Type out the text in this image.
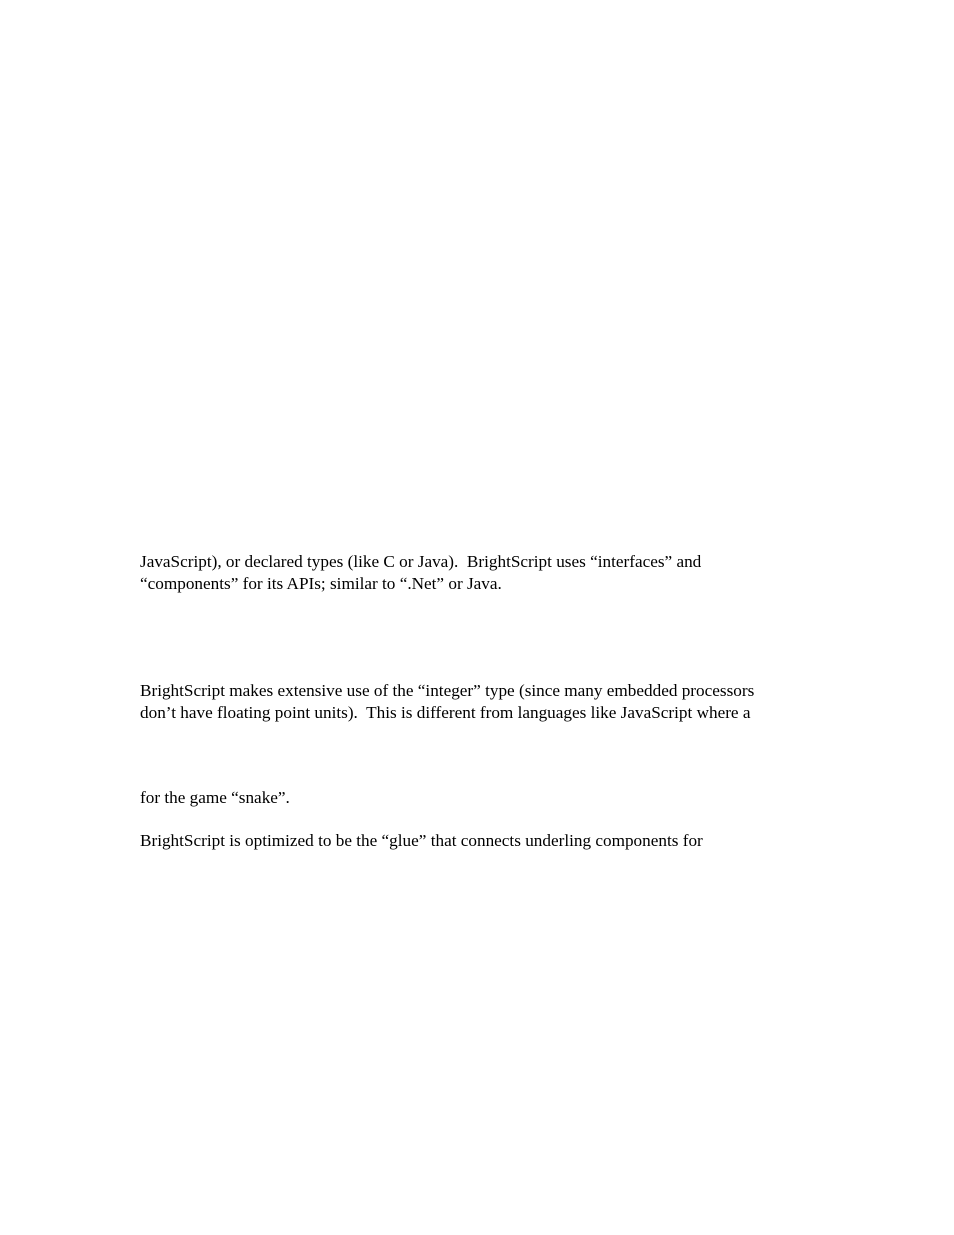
JavaScript), or declared types (like C or Java).  BrightScript uses “interfaces” and
“components” for its APIs; similar to “.Net” or Java.
BrightScript makes extensive use of the “integer” type (since many embedded processors
don’t have floating point units).  This is different from languages like JavaScript where a
for the game “snake”.
BrightScript is optimized to be the “glue” that connects underling components for
